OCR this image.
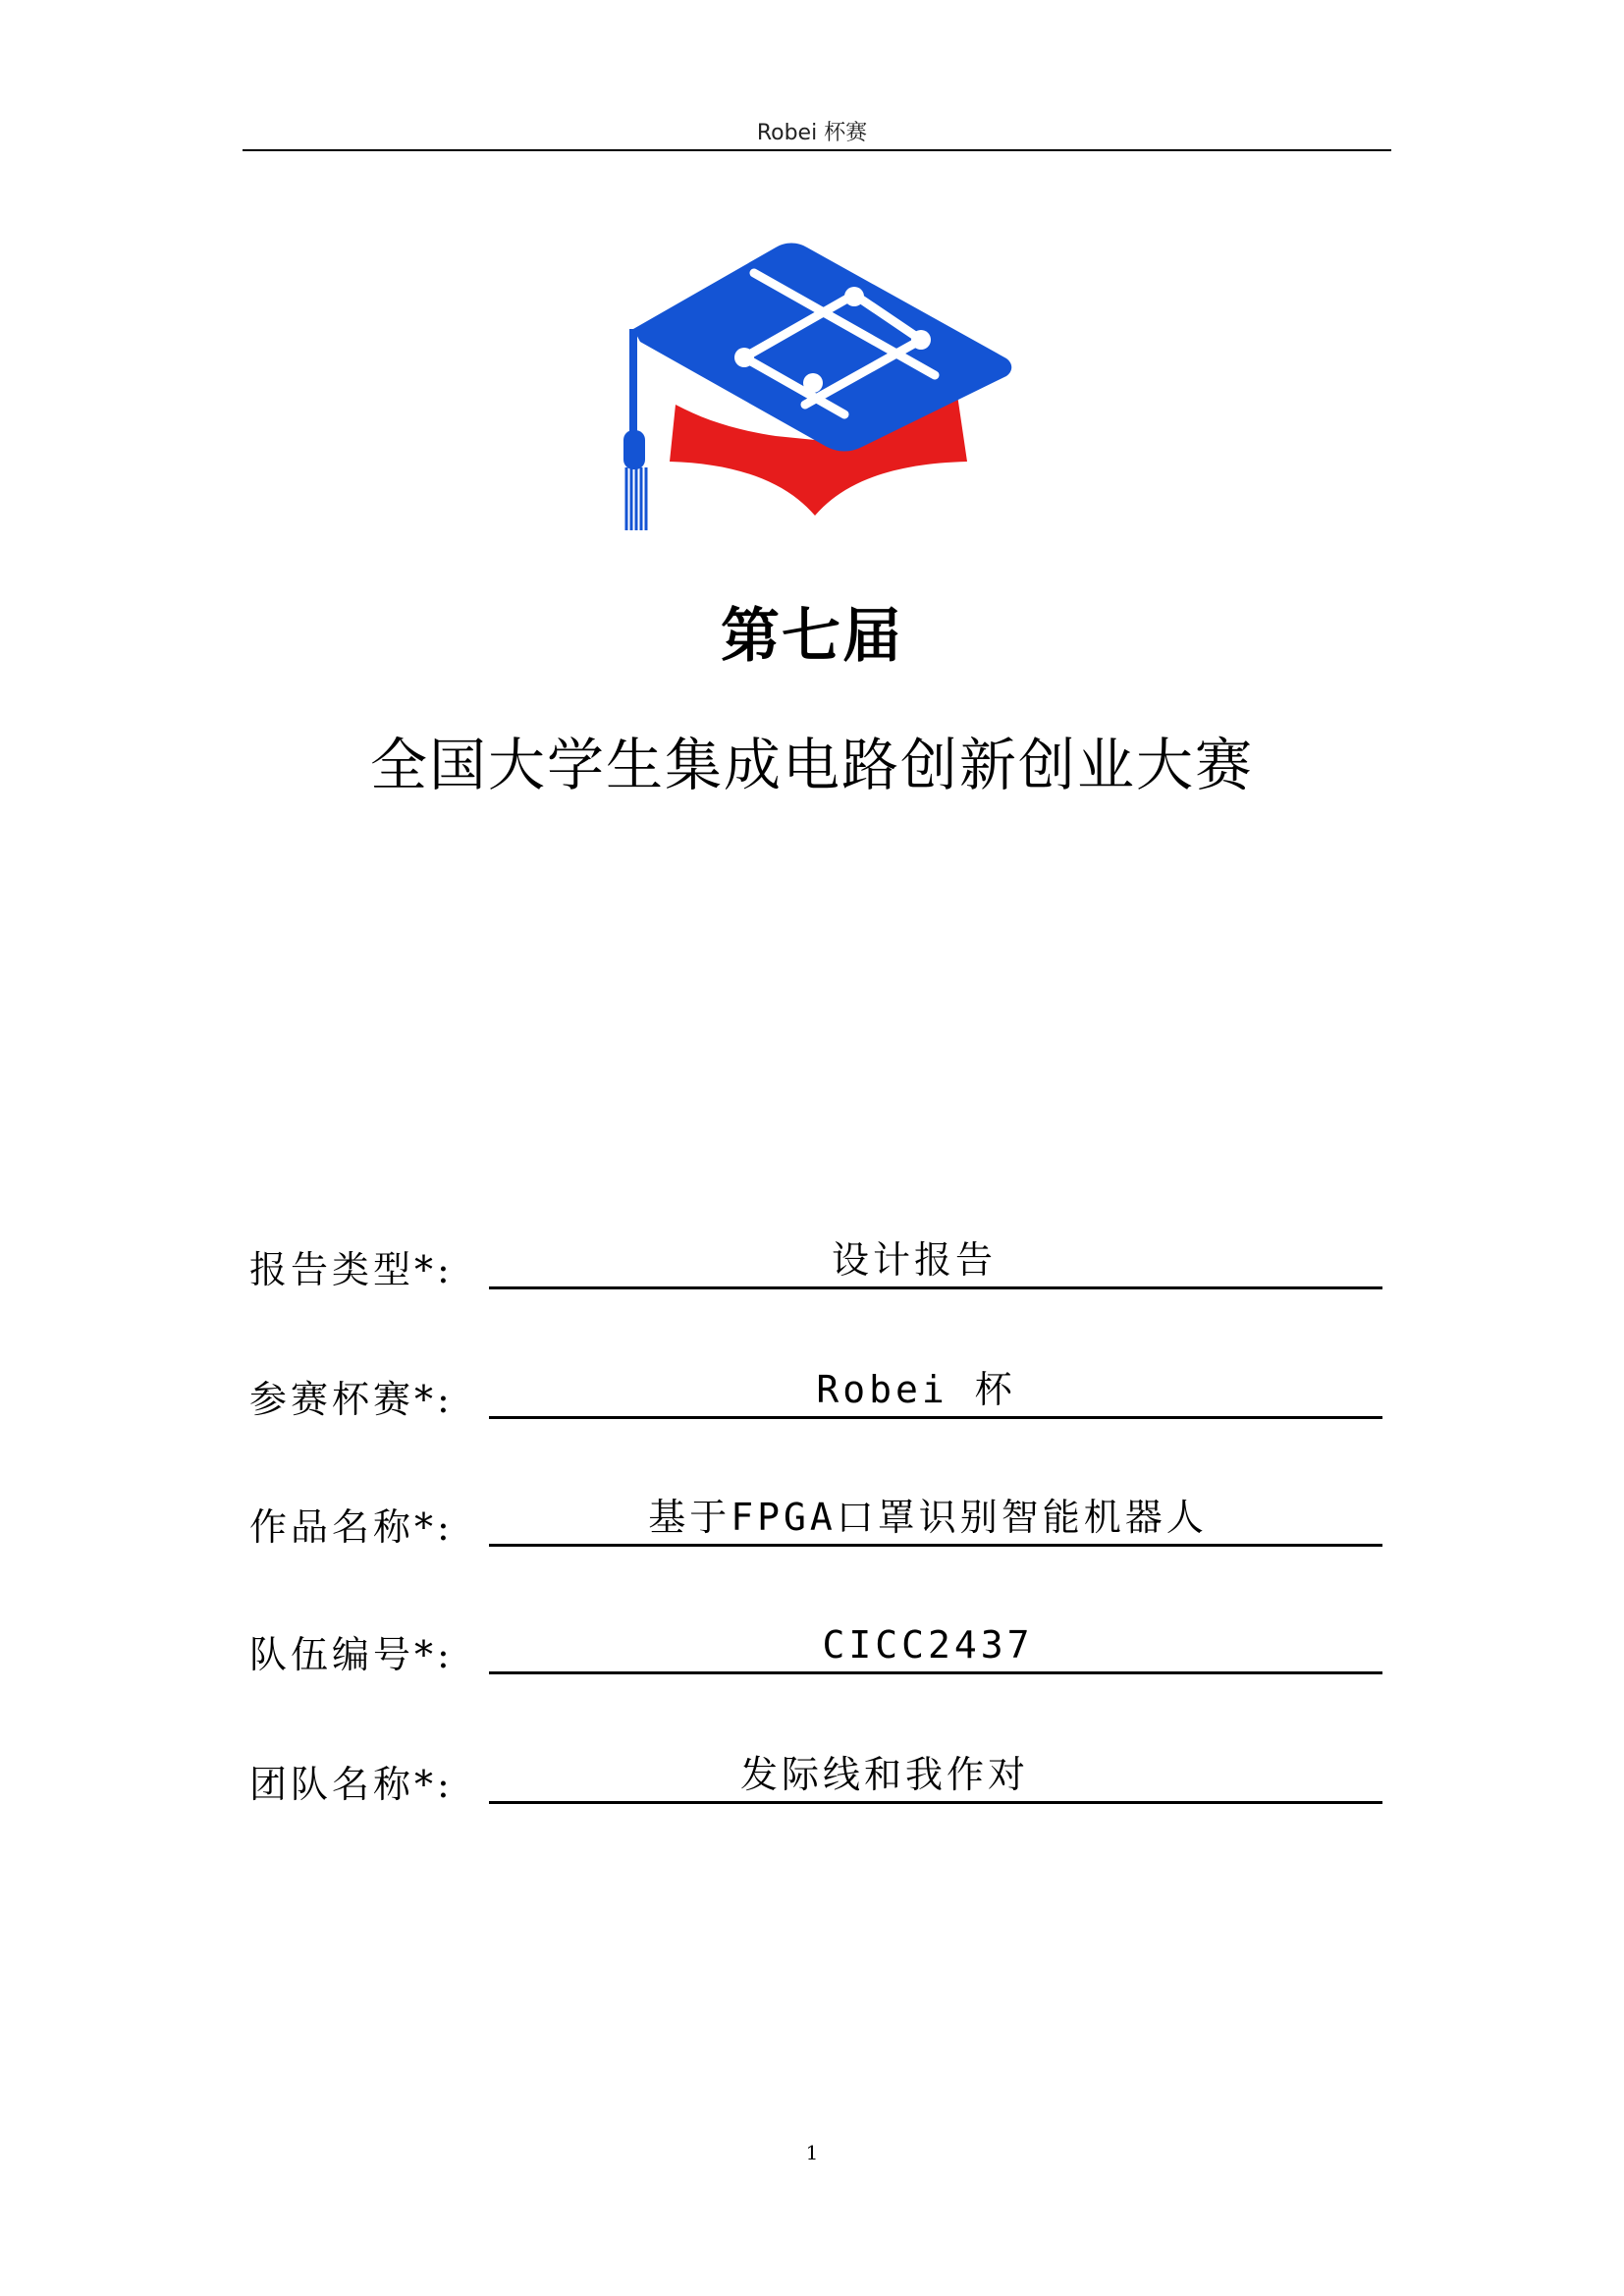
Robei 杯赛
第七届
全国大学生集成电路创新创业大赛
报告类型*:	设计报告
参赛杯赛*:	Robei 杯
作品名称*:	基于FPGA口罩识别智能机器人
队伍编号*:	CICC2437
团队名称*:	发际线和我作对
1
